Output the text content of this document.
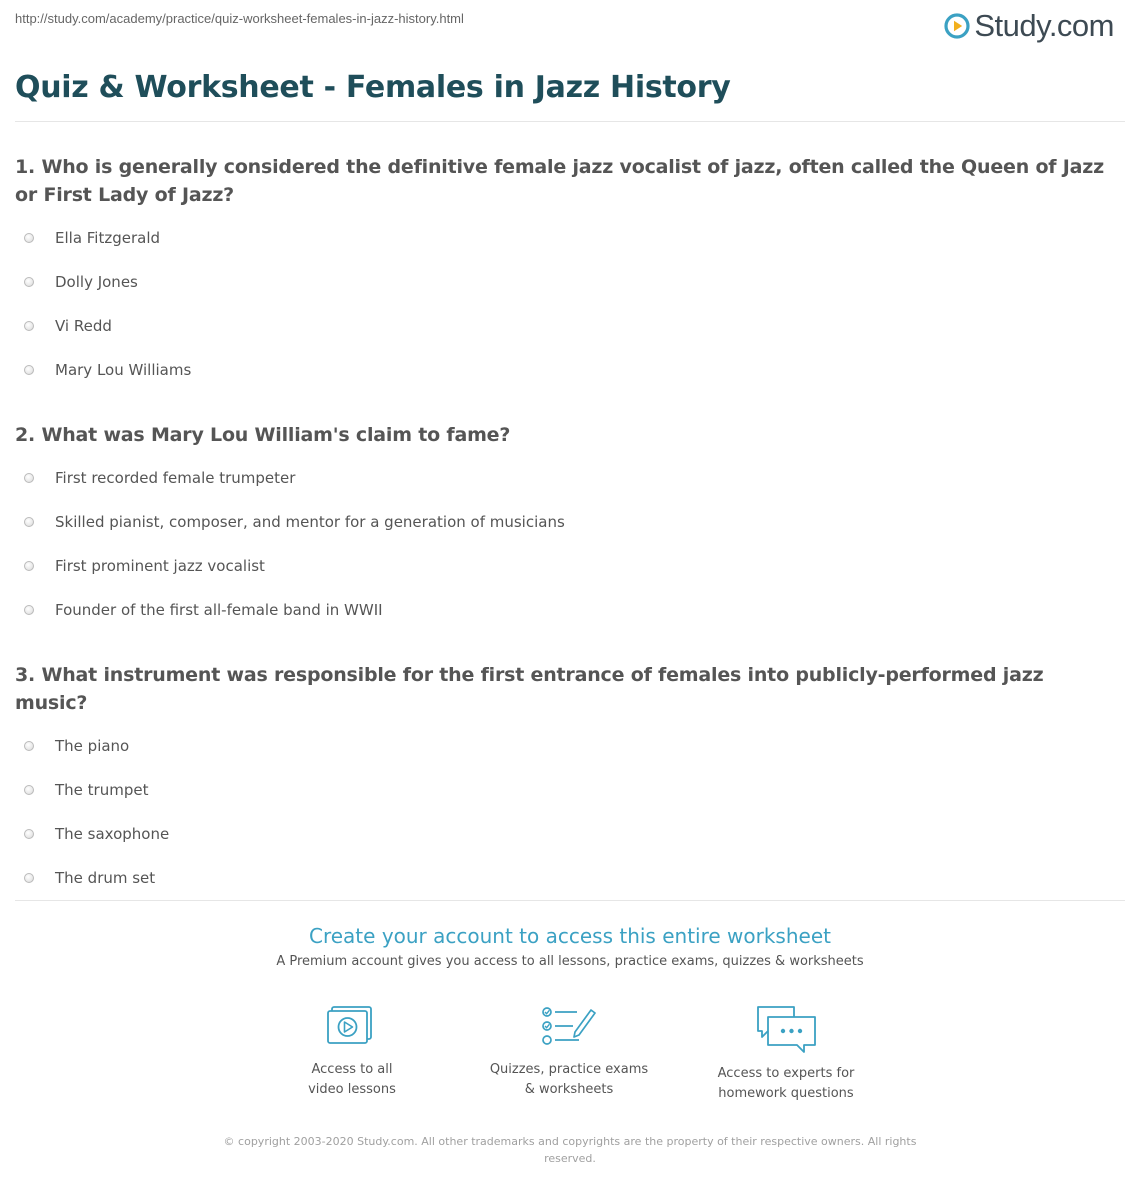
http://study.com/academy/practice/quiz-worksheet-females-in-jazz-history.html	Study.com
Quiz & Worksheet - Females in Jazz History

1. Who is generally considered the definitive female jazz vocalist of jazz, often called the Queen of Jazz or First Lady of Jazz?

Ella Fitzgerald
Dolly Jones
Vi Redd
Mary Lou Williams

2. What was Mary Lou William's claim to fame?

First recorded female trumpeter
Skilled pianist, composer, and mentor for a generation of musicians
First prominent jazz vocalist
Founder of the first all-female band in WWII

3. What instrument was responsible for the first entrance of females into publicly-performed jazz music?

The piano
The trumpet
The saxophone
The drum set
Create your account to access this entire worksheet
A Premium account gives you access to all lessons, practice exams, quizzes & worksheets
Access to all
video lessons
Quizzes, practice exams
& worksheets
Access to experts for
homework questions
© copyright 2003-2020 Study.com. All other trademarks and copyrights are the property of their respective owners. All rights reserved.
